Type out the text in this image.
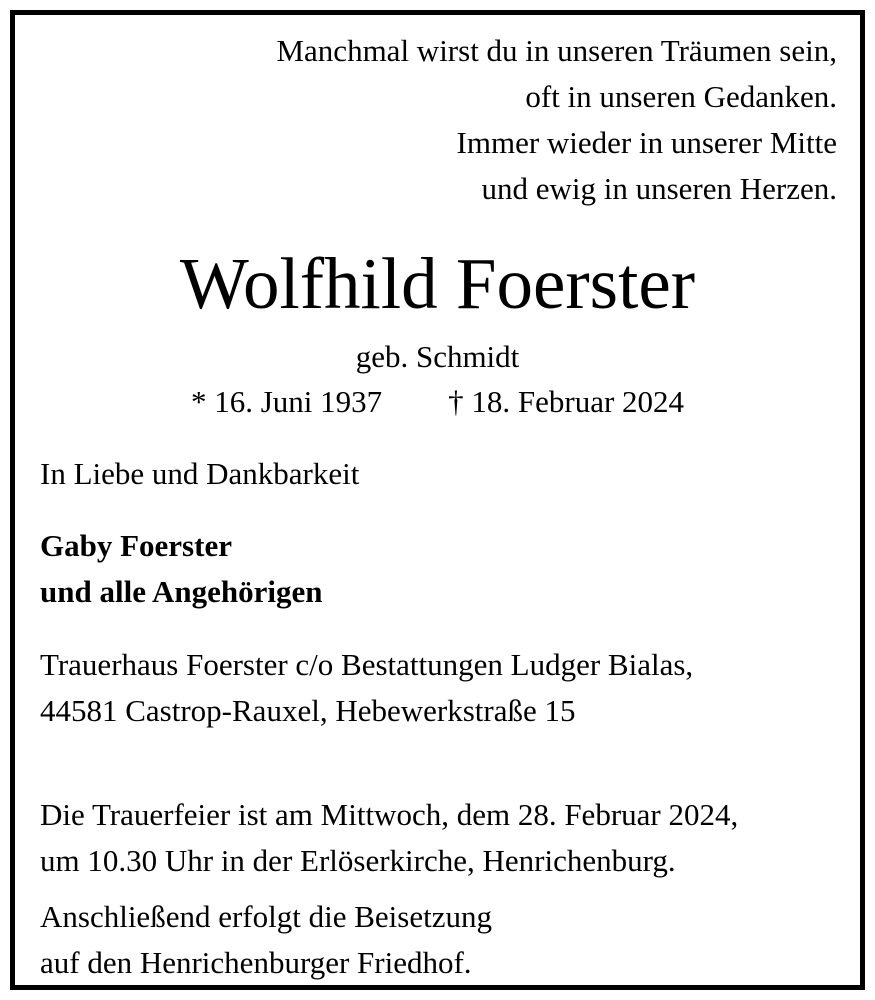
Manchmal wirst du in unseren Träumen sein,
oft in unseren Gedanken.
Immer wieder in unserer Mitte
und ewig in unseren Herzen.
Wolfhild Foerster
geb. Schmidt
* 16. Juni 1937 † 18. Februar 2024
In Liebe und Dankbarkeit
Gaby Foerster
und alle Angehörigen
Trauerhaus Foerster c/o Bestattungen Ludger Bialas,
44581 Castrop-Rauxel, Hebewerkstraße 15
Die Trauerfeier ist am Mittwoch, dem 28. Februar 2024,
um 10.30 Uhr in der Erlöserkirche, Henrichenburg.
Anschließend erfolgt die Beisetzung
auf den Henrichenburger Friedhof.
